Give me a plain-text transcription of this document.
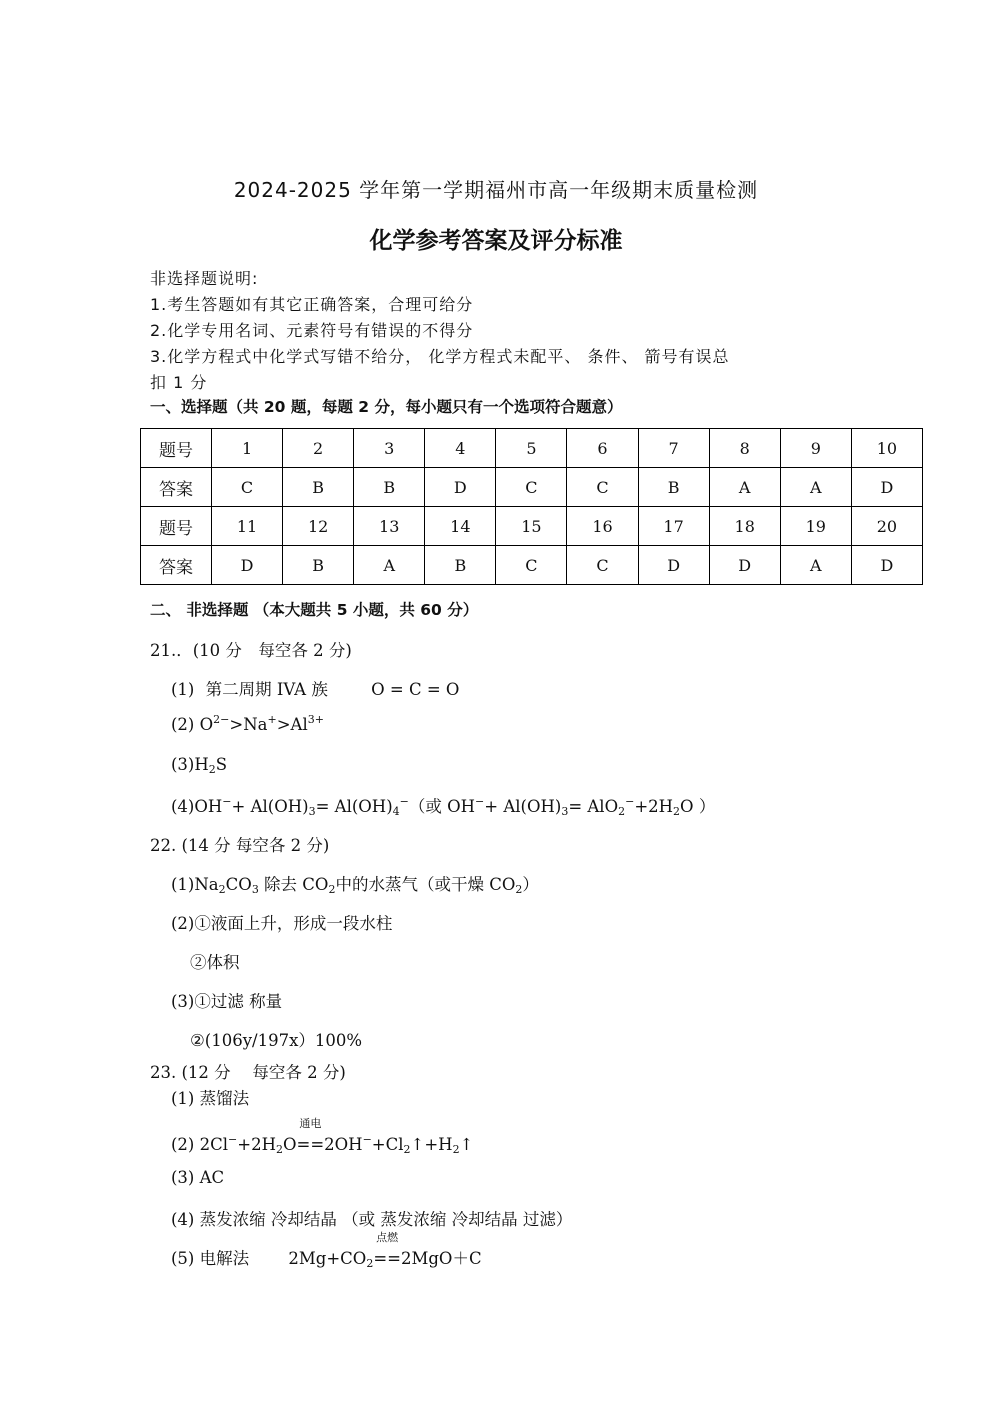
2024-2025 学年第一学期福州市高一年级期末质量检测
化学参考答案及评分标准
非选择题说明:
1.考生答题如有其它正确答案，合理可给分
2.化学专用名词、元素符号有错误的不得分
3.化学方程式中化学式写错不给分， 化学方程式未配平、 条件、 箭号有误总
扣 1 分
一、选择题（共 20 题，每题 2 分，每小题只有一个选项符合题意）
题号	1	2	3	4	5	6	7	8	9	10
答案	C	B	B	D	C	C	B	A	A	D
题号	11	12	13	14	15	16	17	18	19	20
答案	D	B	A	B	C	C	D	D	A	D
二、 非选择题 （本大题共 5 小题，共 60 分）
21.．(10 分　每空各 2 分)
(1) 第二周期 IVA 族	O = C = O
(2) $O^{2-}>Na^+>Al^{3+}$
$(3)H_2S$
$(4)OH^-+ Al(OH)_3= Al(OH)_4^-$（或 $OH^-+ Al(OH)_3= AlO_2^-+2H_2O$ ）
22. (14 分 每空各 2 分)
$(1)Na_2CO_3$ 除去 $CO_2$中的水蒸气（或干燥 $CO_2$）
(2)①液面上升，形成一段水柱
②体积
(3)①过滤 称量
②(106y/197x）100%
23. (12 分　 每空各 2 分)
(1) 蒸馏法
(2) $2Cl^-+2H_2O$
通电
$==2OH^-+Cl_2↑+H_2↑$
(3) AC
(4) 蒸发浓缩 冷却结晶 （或 蒸发浓缩 冷却结晶 过滤）
(5) 电解法 $2Mg+CO_2$
点燃
==2MgO＋C
